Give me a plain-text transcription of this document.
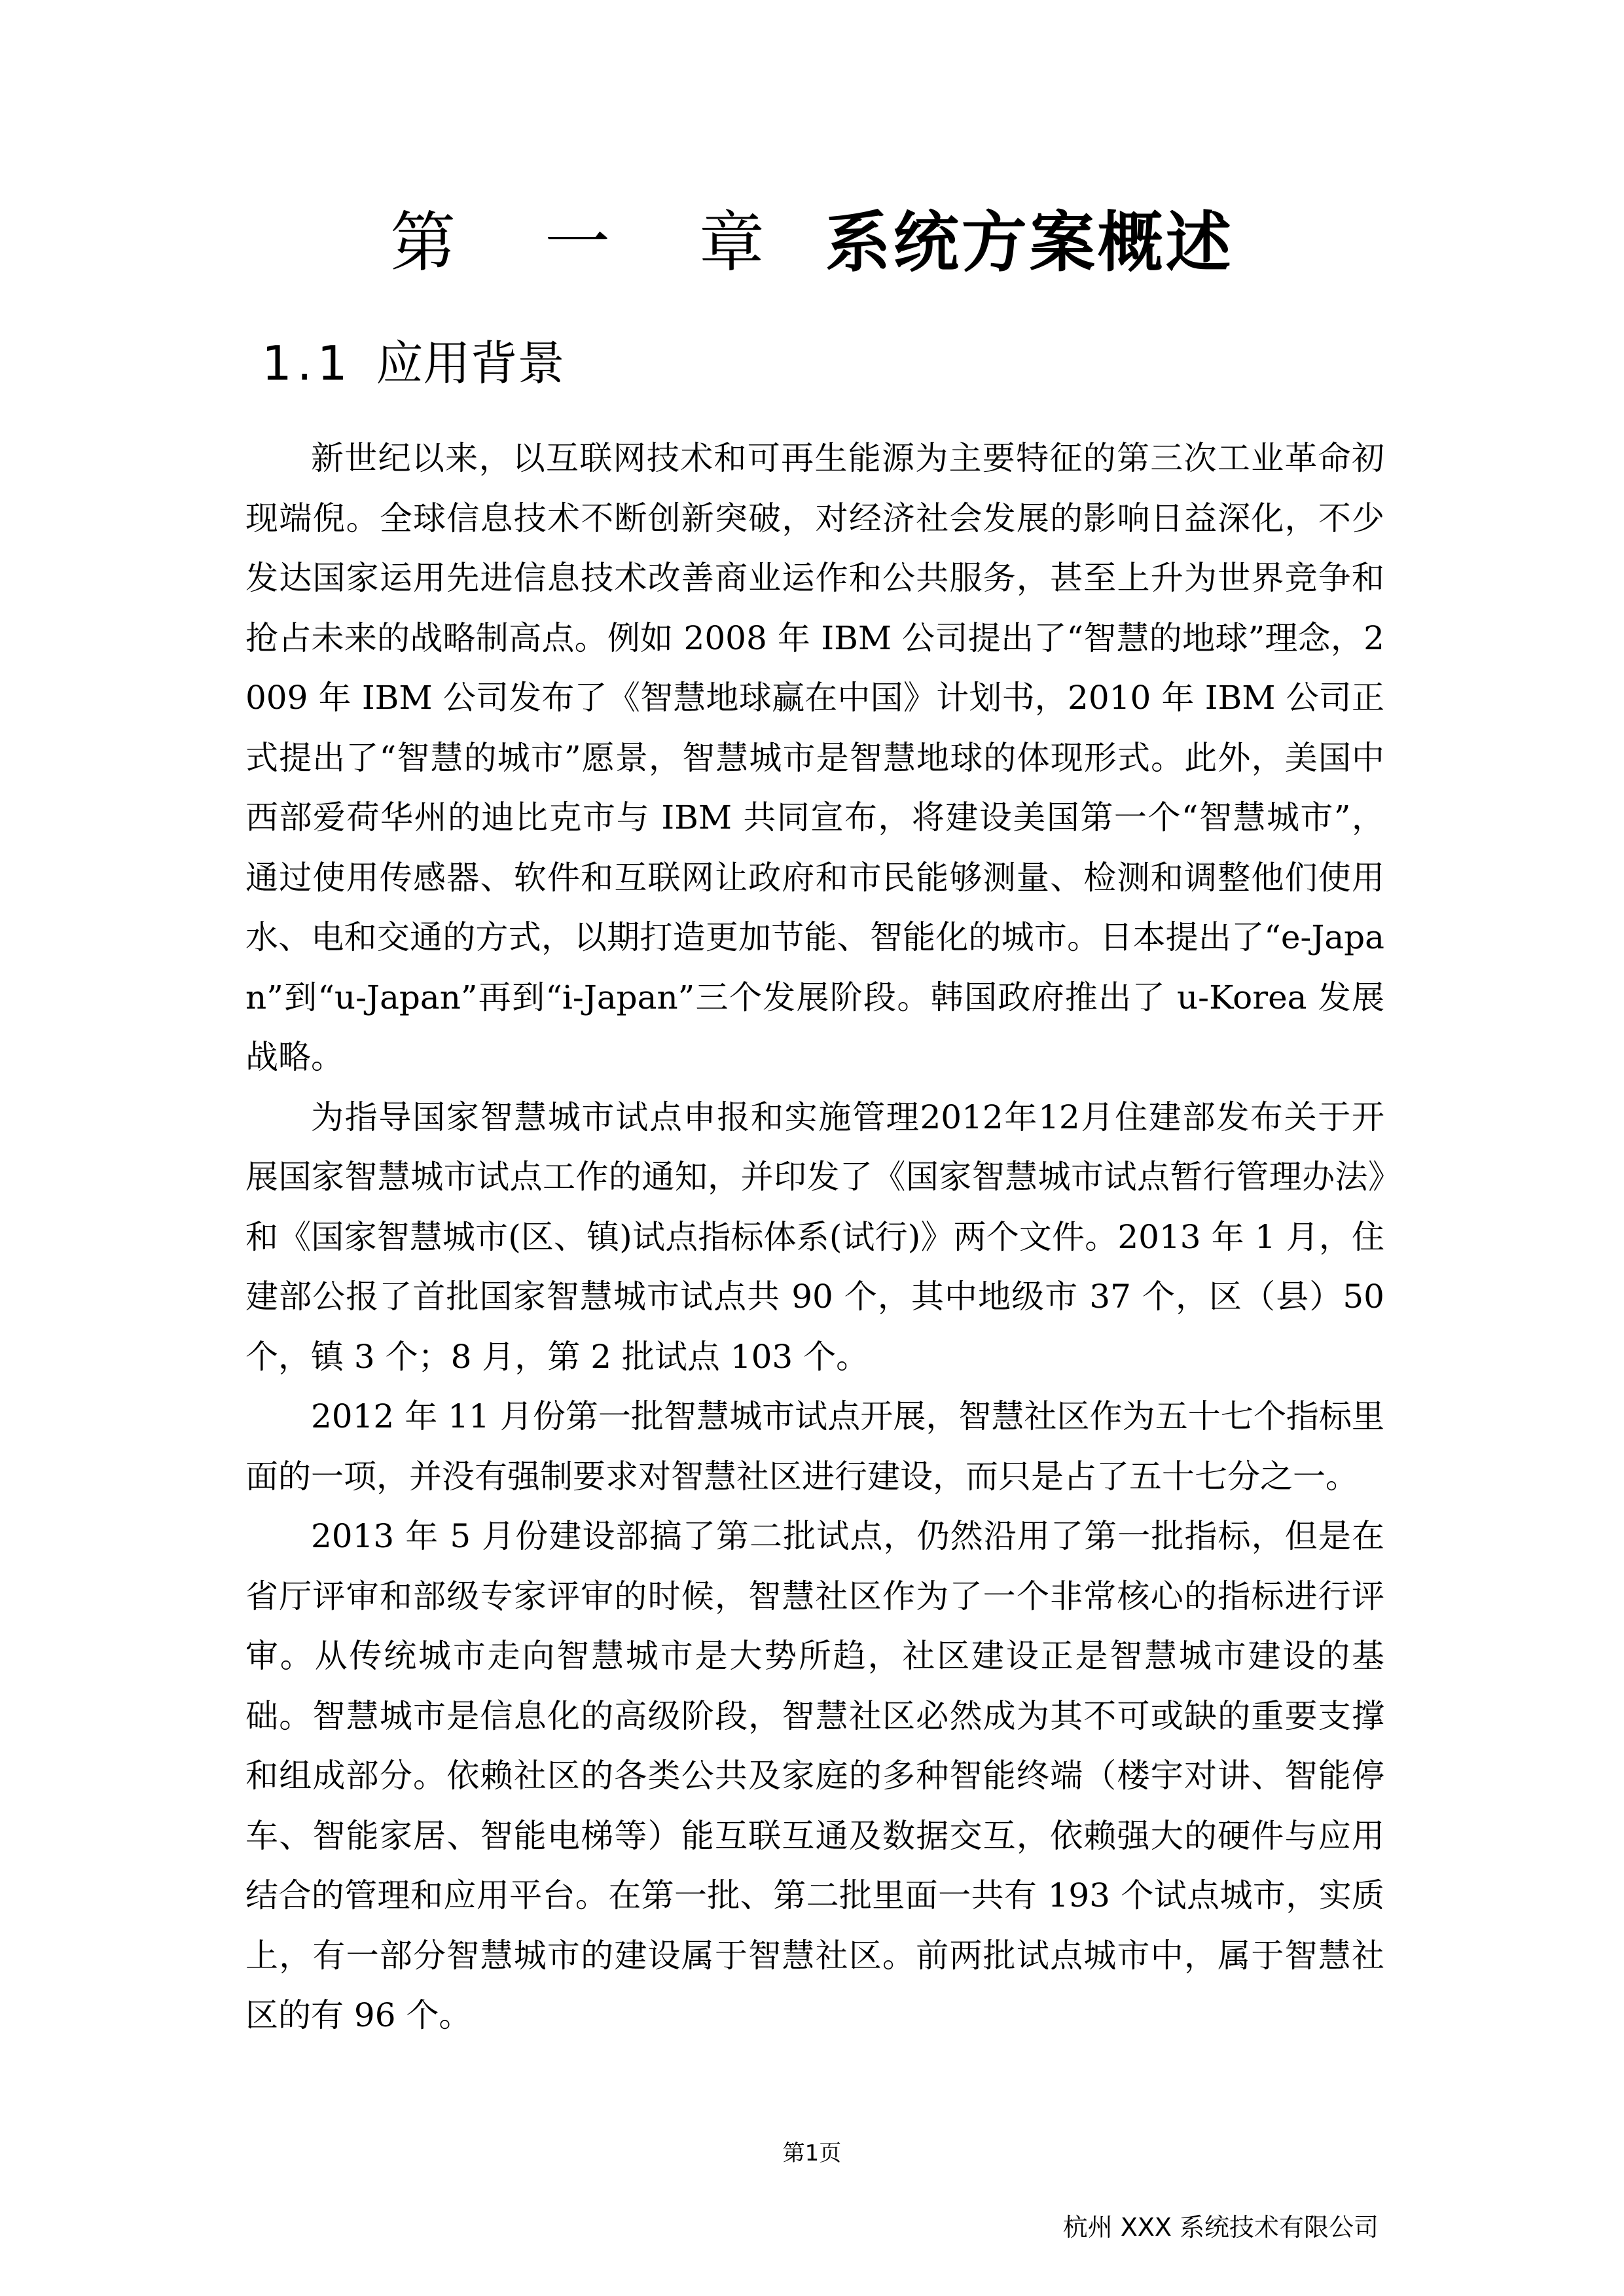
第 一 章 系统方案概述
1.1 应用背景

新世纪以来，以互联网技术和可再生能源为主要特征的第三次工业革命初现端倪。全球信息技术不断创新突破，对经济社会发展的影响日益深化，不少发达国家运用先进信息技术改善商业运作和公共服务，甚至上升为世界竞争和抢占未来的战略制高点。例如 2008 年 IBM 公司提出了“智慧的地球”理念，2009 年 IBM 公司发布了《智慧地球赢在中国》计划书，2010 年 IBM 公司正式提出了“智慧的城市”愿景，智慧城市是智慧地球的体现形式。此外，美国中西部爱荷华州的迪比克市与 IBM 共同宣布，将建设美国第一个“智慧城市”，通过使用传感器、软件和互联网让政府和市民能够测量、检测和调整他们使用水、电和交通的方式，以期打造更加节能、智能化的城市。日本提出了“e-Japan”到“u-Japan”再到“i-Japan”三个发展阶段。韩国政府推出了 u-Korea 发展战略。

为指导国家智慧城市试点申报和实施管理2012年12月住建部发布关于开展国家智慧城市试点工作的通知，并印发了《国家智慧城市试点暂行管理办法》和《国家智慧城市(区、镇)试点指标体系(试行)》两个文件。2013 年 1 月，住建部公报了首批国家智慧城市试点共 90 个，其中地级市 37 个，区（县）50 个，镇 3 个；8 月，第 2 批试点 103 个。

2012 年 11 月份第一批智慧城市试点开展，智慧社区作为五十七个指标里面的一项，并没有强制要求对智慧社区进行建设，而只是占了五十七分之一。

2013 年 5 月份建设部搞了第二批试点，仍然沿用了第一批指标，但是在省厅评审和部级专家评审的时候，智慧社区作为了一个非常核心的指标进行评审。从传统城市走向智慧城市是大势所趋，社区建设正是智慧城市建设的基础。智慧城市是信息化的高级阶段，智慧社区必然成为其不可或缺的重要支撑和组成部分。依赖社区的各类公共及家庭的多种智能终端（楼宇对讲、智能停车、智能家居、智能电梯等）能互联互通及数据交互，依赖强大的硬件与应用结合的管理和应用平台。在第一批、第二批里面一共有 193 个试点城市，实质上，有一部分智慧城市的建设属于智慧社区。前两批试点城市中，属于智慧社区的有 96 个。

第1页
杭州 XXX 系统技术有限公司
